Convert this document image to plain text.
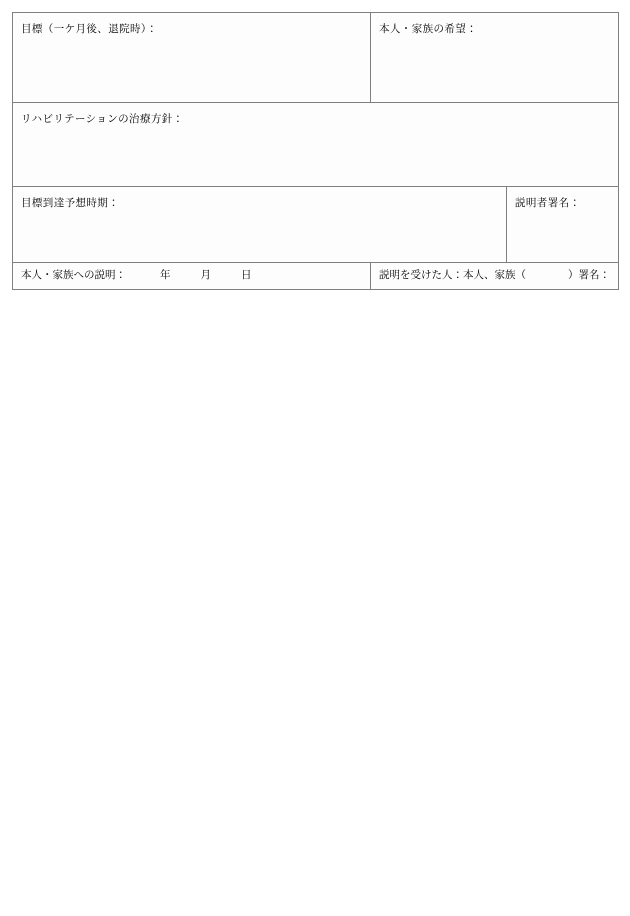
目標（一ケ月後、退院時）：	本人・家族の希望：	

リハビリテーションの治療方針：		

目標到達予想時期：		説明者署名：

本人・家族への説明： 年 月 日	説明を受けた人：本人、家族（ ）署名：	
